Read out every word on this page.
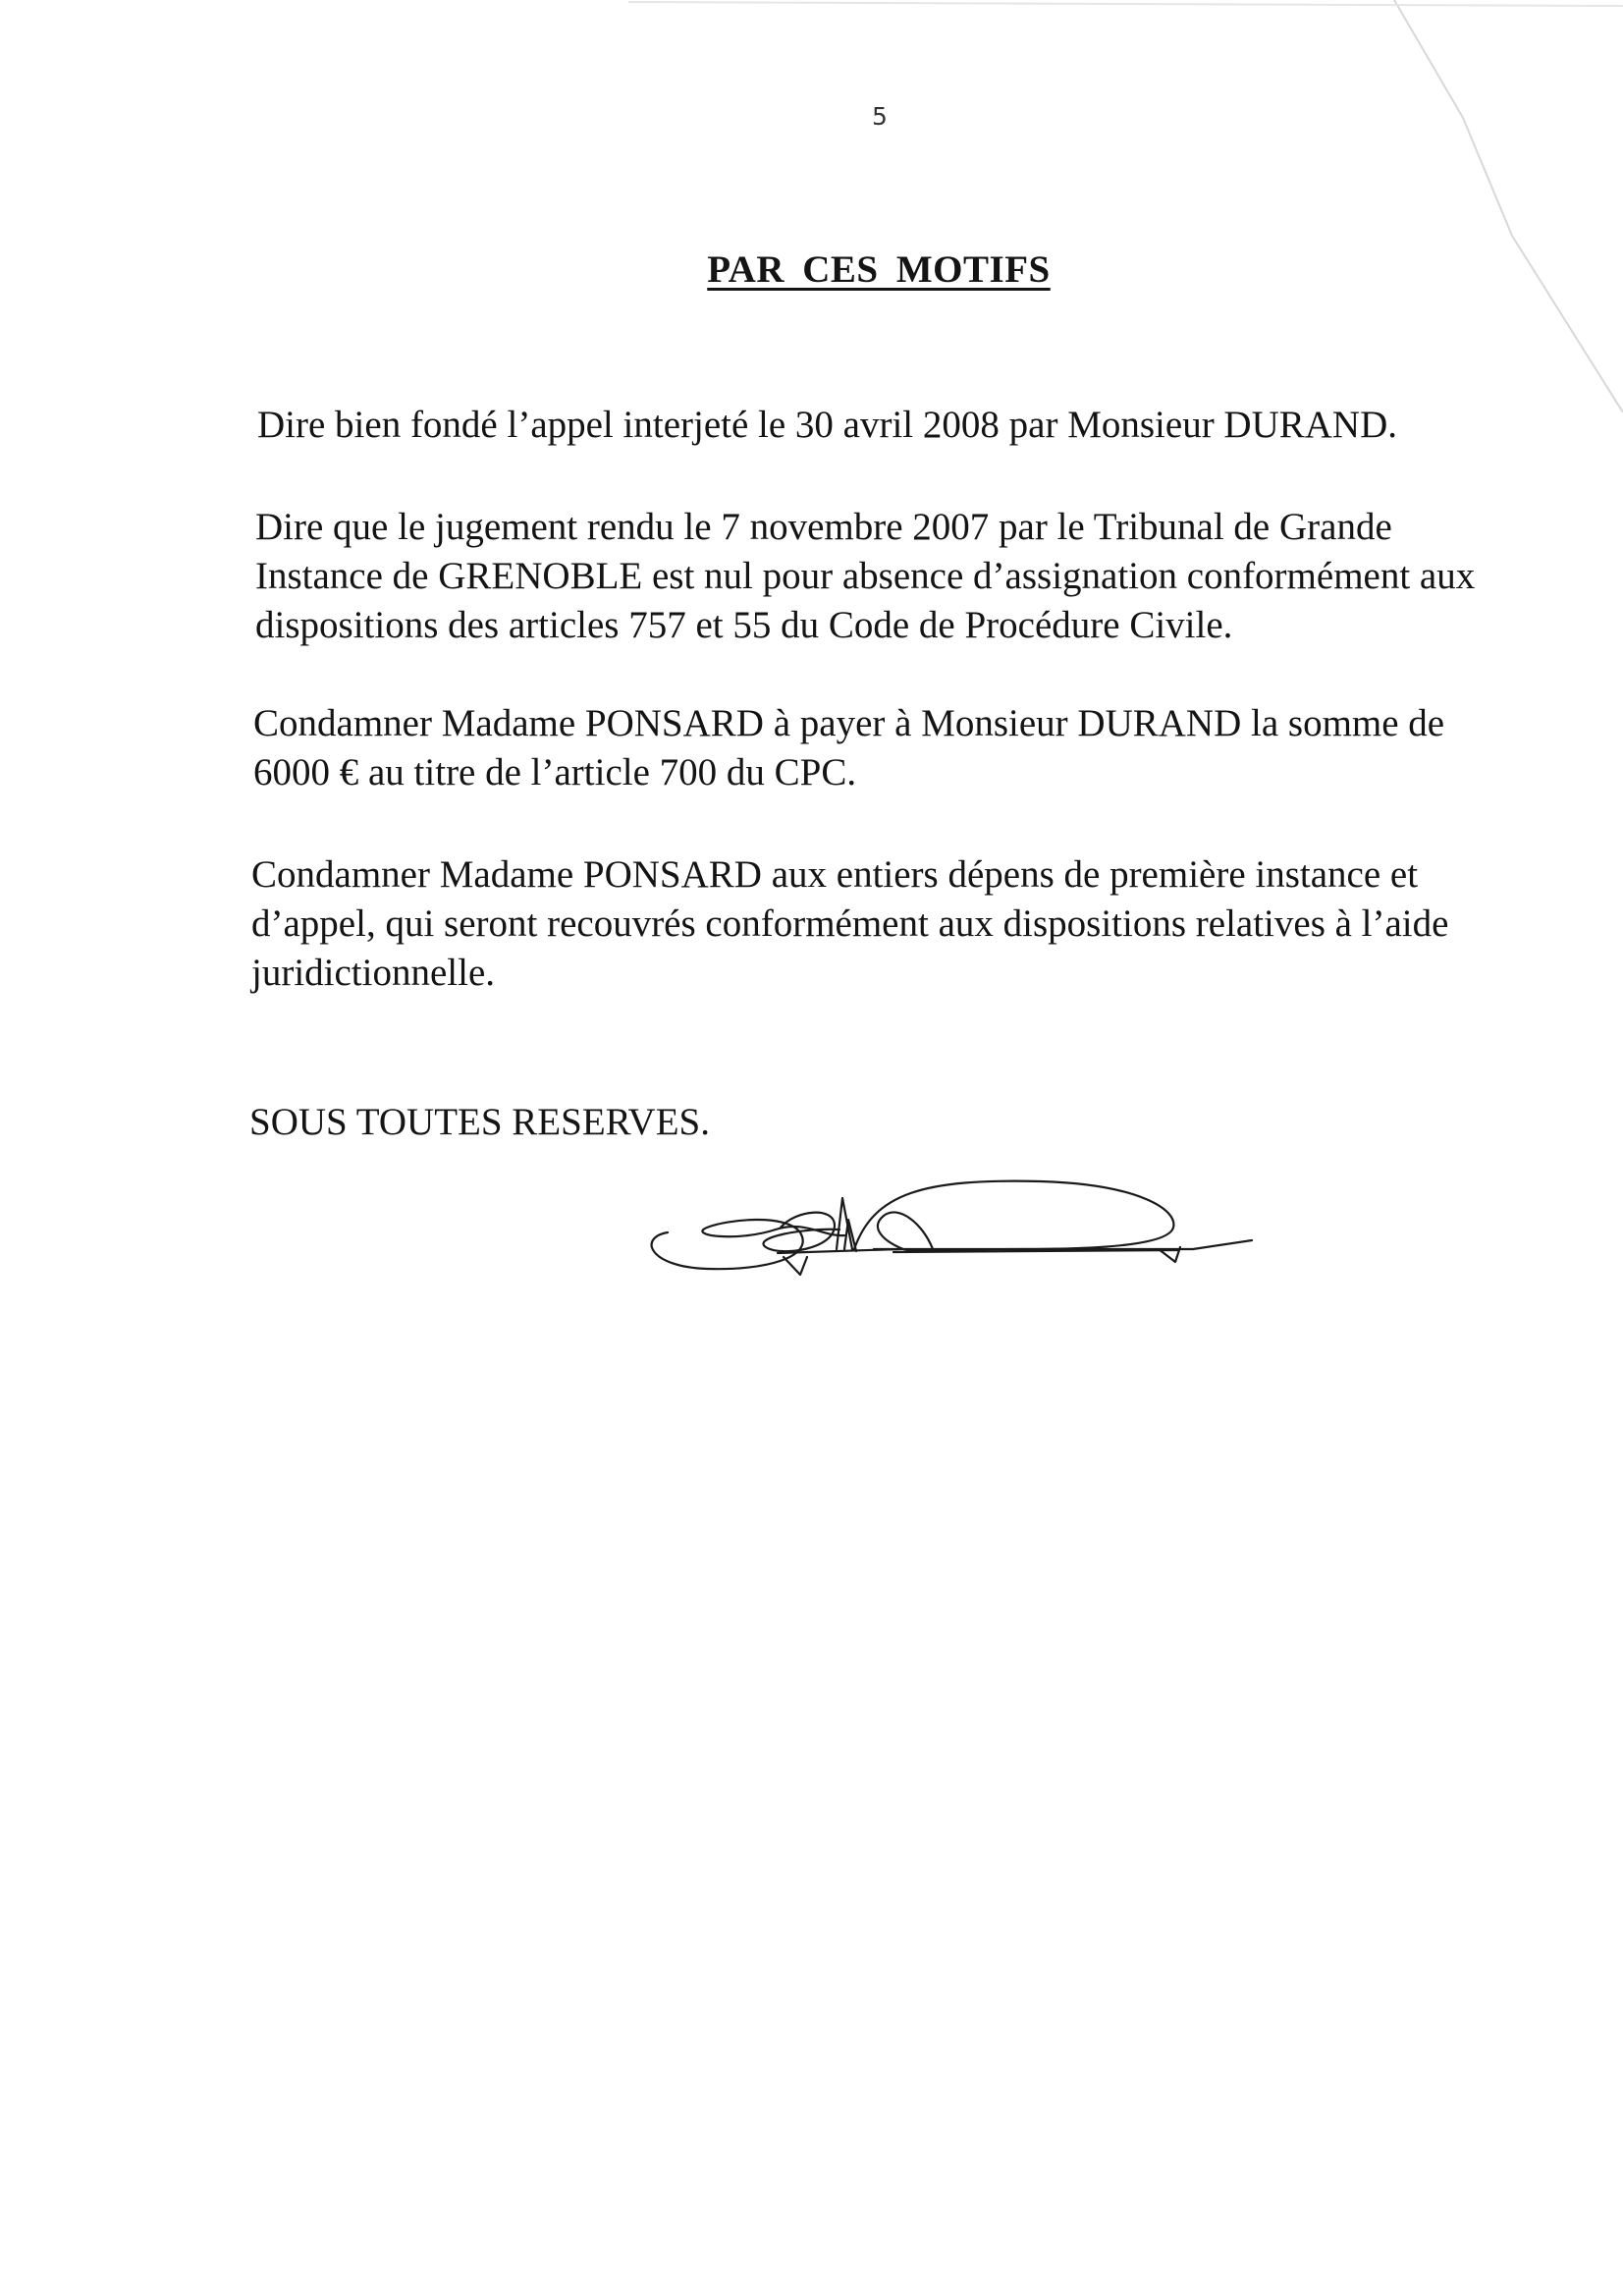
5
PAR CES MOTIFS

Dire bien fondé l’appel interjeté le 30 avril 2008 par Monsieur DURAND.

Dire que le jugement rendu le 7 novembre 2007 par le Tribunal de Grande
Instance de GRENOBLE est nul pour absence d’assignation conformément aux
dispositions des articles 757 et 55 du Code de Procédure Civile.

Condamner Madame PONSARD à payer à Monsieur DURAND la somme de
6000 € au titre de l’article 700 du CPC.

Condamner Madame PONSARD aux entiers dépens de première instance et
d’appel, qui seront recouvrés conformément aux dispositions relatives à l’aide
juridictionnelle.

SOUS TOUTES RESERVES.
